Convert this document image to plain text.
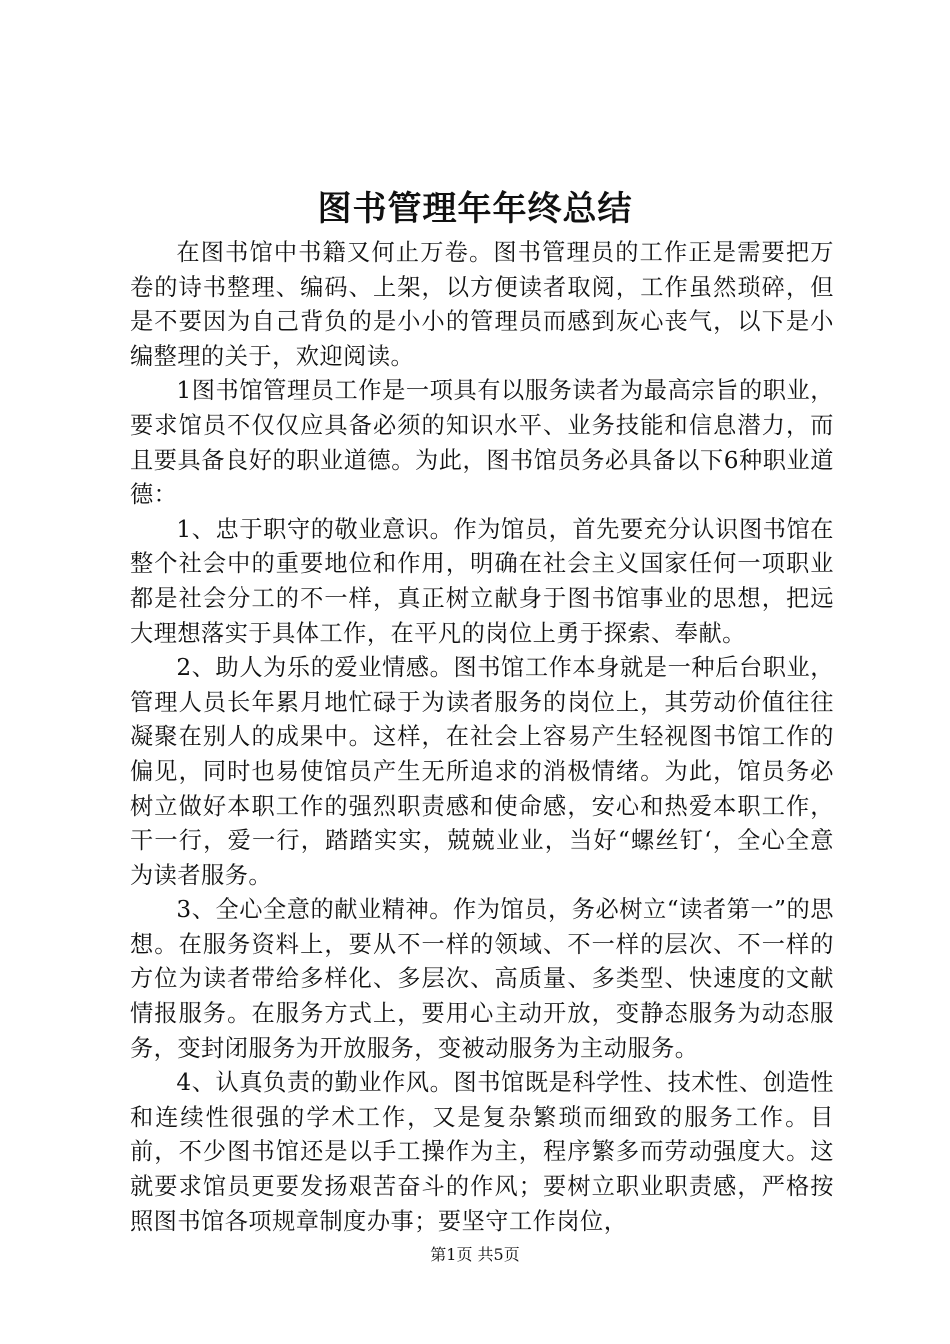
图书管理年年终总结

在图书馆中书籍又何止万卷。图书管理员的工作正是需要把万卷的诗书整理、编码、上架，以方便读者取阅，工作虽然琐碎，但是不要因为自己背负的是小小的管理员而感到灰心丧气，以下是小编整理的关于，欢迎阅读。

1图书馆管理员工作是一项具有以服务读者为最高宗旨的职业，要求馆员不仅仅应具备必须的知识水平、业务技能和信息潜力，而且要具备良好的职业道德。为此，图书馆员务必具备以下6种职业道德：

1、忠于职守的敬业意识。作为馆员，首先要充分认识图书馆在整个社会中的重要地位和作用，明确在社会主义国家任何一项职业都是社会分工的不一样，真正树立献身于图书馆事业的思想，把远大理想落实于具体工作，在平凡的岗位上勇于探索、奉献。

2、助人为乐的爱业情感。图书馆工作本身就是一种后台职业，管理人员长年累月地忙碌于为读者服务的岗位上，其劳动价值往往凝聚在别人的成果中。这样，在社会上容易产生轻视图书馆工作的偏见，同时也易使馆员产生无所追求的消极情绪。为此，馆员务必树立做好本职工作的强烈职责感和使命感，安心和热爱本职工作，干一行，爱一行，踏踏实实，兢兢业业，当好“螺丝钉‘，全心全意为读者服务。

3、全心全意的献业精神。作为馆员，务必树立“读者第一”的思想。在服务资料上，要从不一样的领域、不一样的层次、不一样的方位为读者带给多样化、多层次、高质量、多类型、快速度的文献情报服务。在服务方式上，要用心主动开放，变静态服务为动态服务，变封闭服务为开放服务，变被动服务为主动服务。

4、认真负责的勤业作风。图书馆既是科学性、技术性、创造性和连续性很强的学术工作，又是复杂繁琐而细致的服务工作。目前，不少图书馆还是以手工操作为主，程序繁多而劳动强度大。这就要求馆员更要发扬艰苦奋斗的作风；要树立职业职责感，严格按照图书馆各项规章制度办事；要坚守工作岗位，

第1页 共5页
